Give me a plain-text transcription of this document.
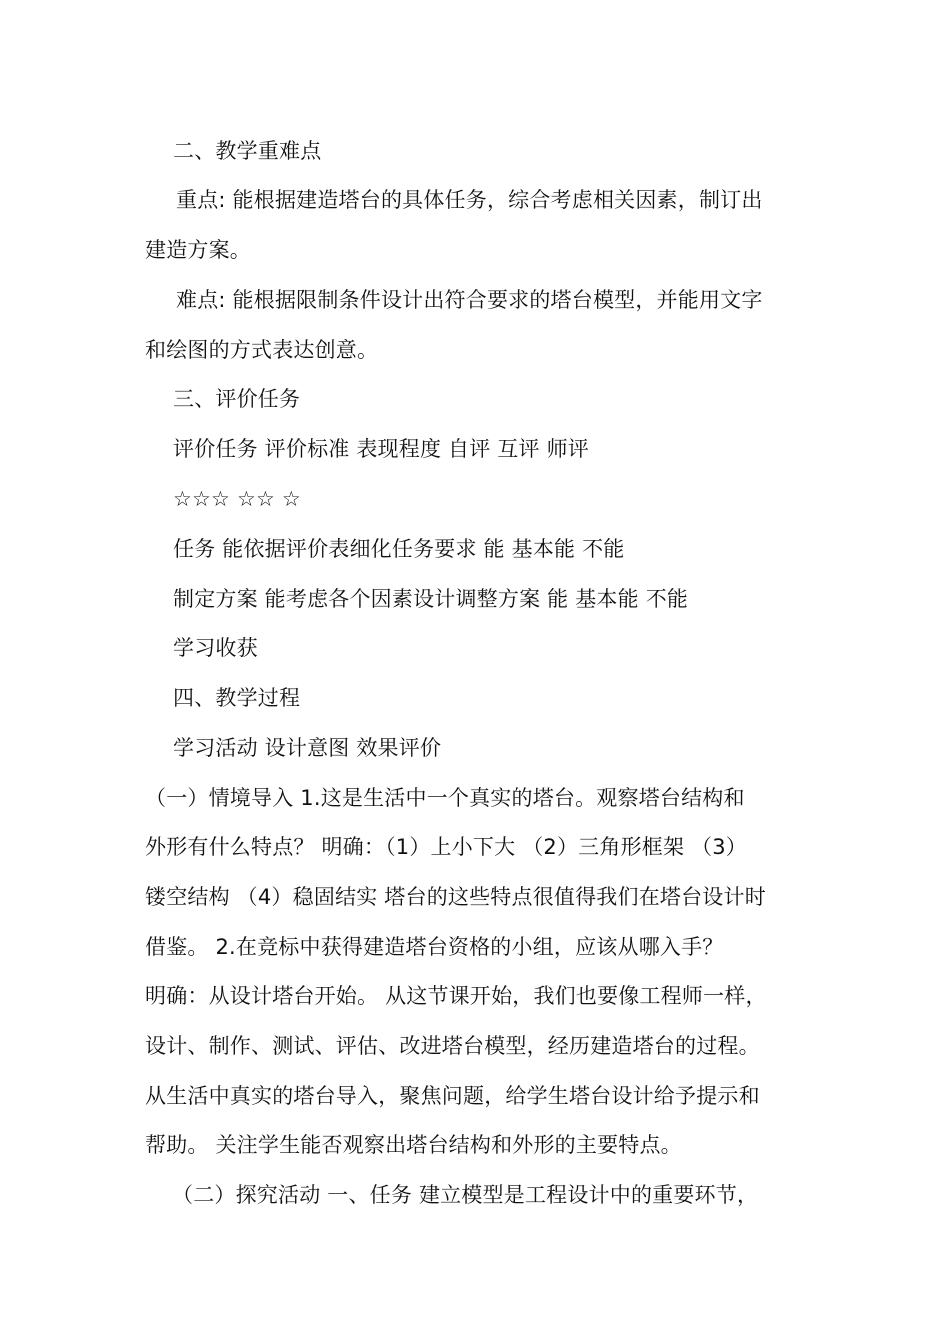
二、教学重难点
重点: 能根据建造塔台的具体任务，综合考虑相关因素，制订出
建造方案。
难点: 能根据限制条件设计出符合要求的塔台模型，并能用文字
和绘图的方式表达创意。
三、评价任务
评价任务 评价标准 表现程度 自评 互评 师评
☆☆☆ ☆☆ ☆
任务 能依据评价表细化任务要求 能 基本能 不能
制定方案 能考虑各个因素设计调整方案 能 基本能 不能
学习收获
四、教学过程
学习活动 设计意图 效果评价
（一）情境导入 1.这是生活中一个真实的塔台。观察塔台结构和
外形有什么特点？ 明确：（1）上小下大 （2）三角形框架 （3）
镂空结构 （4）稳固结实 塔台的这些特点很值得我们在塔台设计时
借鉴。 2.在竞标中获得建造塔台资格的小组，应该从哪入手？
明确：从设计塔台开始。 从这节课开始，我们也要像工程师一样，
设计、制作、测试、评估、改进塔台模型，经历建造塔台的过程。
从生活中真实的塔台导入，聚焦问题，给学生塔台设计给予提示和
帮助。 关注学生能否观察出塔台结构和外形的主要特点。
（二）探究活动 一、任务 建立模型是工程设计中的重要环节，
